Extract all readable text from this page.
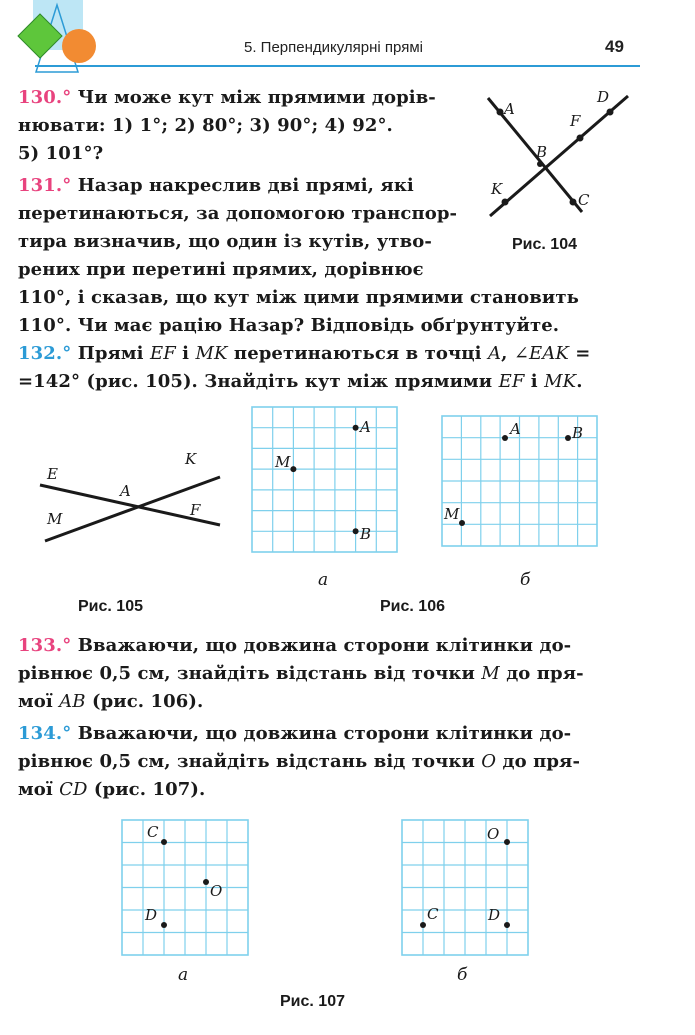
5. Перпендикулярні прямі	49
130.° Чи може кут між прямими дорів-
нювати: 1) 1°; 2) 80°; 3) 90°; 4) 92°.
5) 101°?
131.° Назар накреслив дві прямі, які
перетинаються, за допомогою транспор-
тира визначив, що один із кутів, утво-
рених при перетині прямих, дорівнює
110°, і сказав, що кут між цими прямими становить
110°. Чи має рацію Назар? Відповідь обґрунтуйте.
132.° Прямі EF і MK перетинаються в точці A, ∠EAK =
=142° (рис. 105). Знайдіть кут між прямими EF і MK.
A
B
C
D
F
K
Рис. 104
E
M
A
K
F
Рис. 105
A
M
B
а
A	B
M
б
Рис. 106
133.° Вважаючи, що довжина сторони клітинки до-
рівнює 0,5 см, знайдіть відстань від точки M до пря-
мої AB (рис. 106).
134.° Вважаючи, що довжина сторони клітинки до-
рівнює 0,5 см, знайдіть відстань від точки O до пря-
мої CD (рис. 107).
C
O
D
а
O
C	D
б
Рис. 107
